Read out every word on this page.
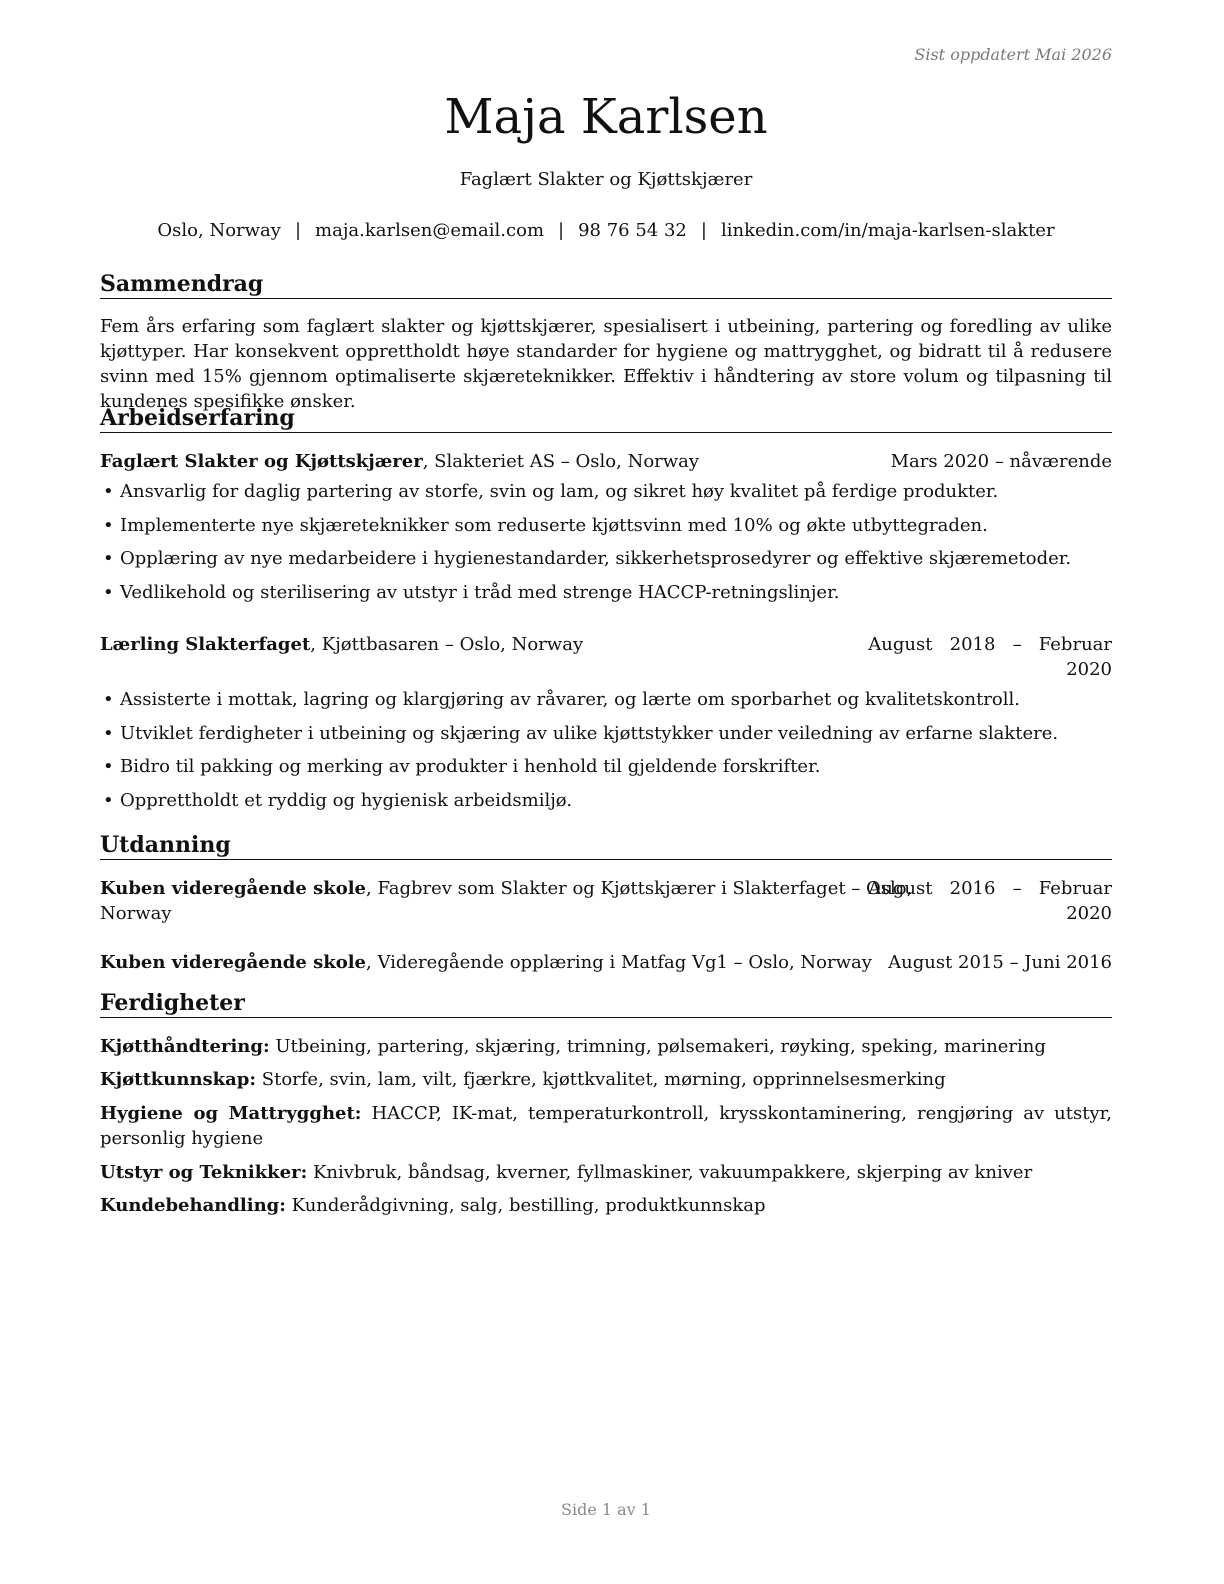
Sist oppdatert Mai 2026
Maja Karlsen
Faglært Slakter og Kjøttskjærer
Oslo, Norway | maja.karlsen@email.com | 98 76 54 32 | linkedin.com/in/maja-karlsen-slakter
Sammendrag

Fem års erfaring som faglært slakter og kjøttskjærer, spesialisert i utbeining, partering og foredling av ulike kjøttyper. Har konsekvent opprettholdt høye standarder for hygiene og mattrygghet, og bidratt til å redusere svinn med 15% gjennom optimaliserte skjæreteknikker. Effektiv i håndtering av store volum og tilpasning til kundenes spesifikke ønsker.

Arbeidserfaring
Faglært Slakter og Kjøttskjærer, Slakteriet AS – Oslo, Norway	Mars 2020 – nåværende
• Ansvarlig for daglig partering av storfe, svin og lam, og sikret høy kvalitet på ferdige produkter.
• Implementerte nye skjæreteknikker som reduserte kjøttsvinn med 10% og økte utbyttegraden.
• Opplæring av nye medarbeidere i hygienestandarder, sikkerhetsprosedyrer og effektive skjæremetoder.
• Vedlikehold og sterilisering av utstyr i tråd med strenge HACCP-retningslinjer.
Lærling Slakterfaget, Kjøttbasaren – Oslo, Norway	August   2018   –   Februar
2020
• Assisterte i mottak, lagring og klargjøring av råvarer, og lærte om sporbarhet og kvalitetskontroll.
• Utviklet ferdigheter i utbeining og skjæring av ulike kjøttstykker under veiledning av erfarne slaktere.
• Bidro til pakking og merking av produkter i henhold til gjeldende forskrifter.
• Opprettholdt et ryddig og hygienisk arbeidsmiljø.
Utdanning
Kuben videregående skole, Fagbrev som Slakter og Kjøttskjærer i Slakterfaget – Oslo,
Norway
August   2016   –   Februar
2020
Kuben videregående skole, Videregående opplæring i Matfag Vg1 – Oslo, Norway August 2015 – Juni 2016
Ferdigheter
Kjøtthåndtering: Utbeining, partering, skjæring, trimning, pølsemakeri, røyking, speking, marinering
Kjøttkunnskap: Storfe, svin, lam, vilt, fjærkre, kjøttkvalitet, mørning, opprinnelsesmerking
Hygiene og Mattrygghet: HACCP, IK-mat, temperaturkontroll, krysskontaminering, rengjøring av utstyr, personlig hygiene
Utstyr og Teknikker: Knivbruk, båndsag, kverner, fyllmaskiner, vakuumpakkere, skjerping av kniver
Kundebehandling: Kunderådgivning, salg, bestilling, produktkunnskap
Side 1 av 1
